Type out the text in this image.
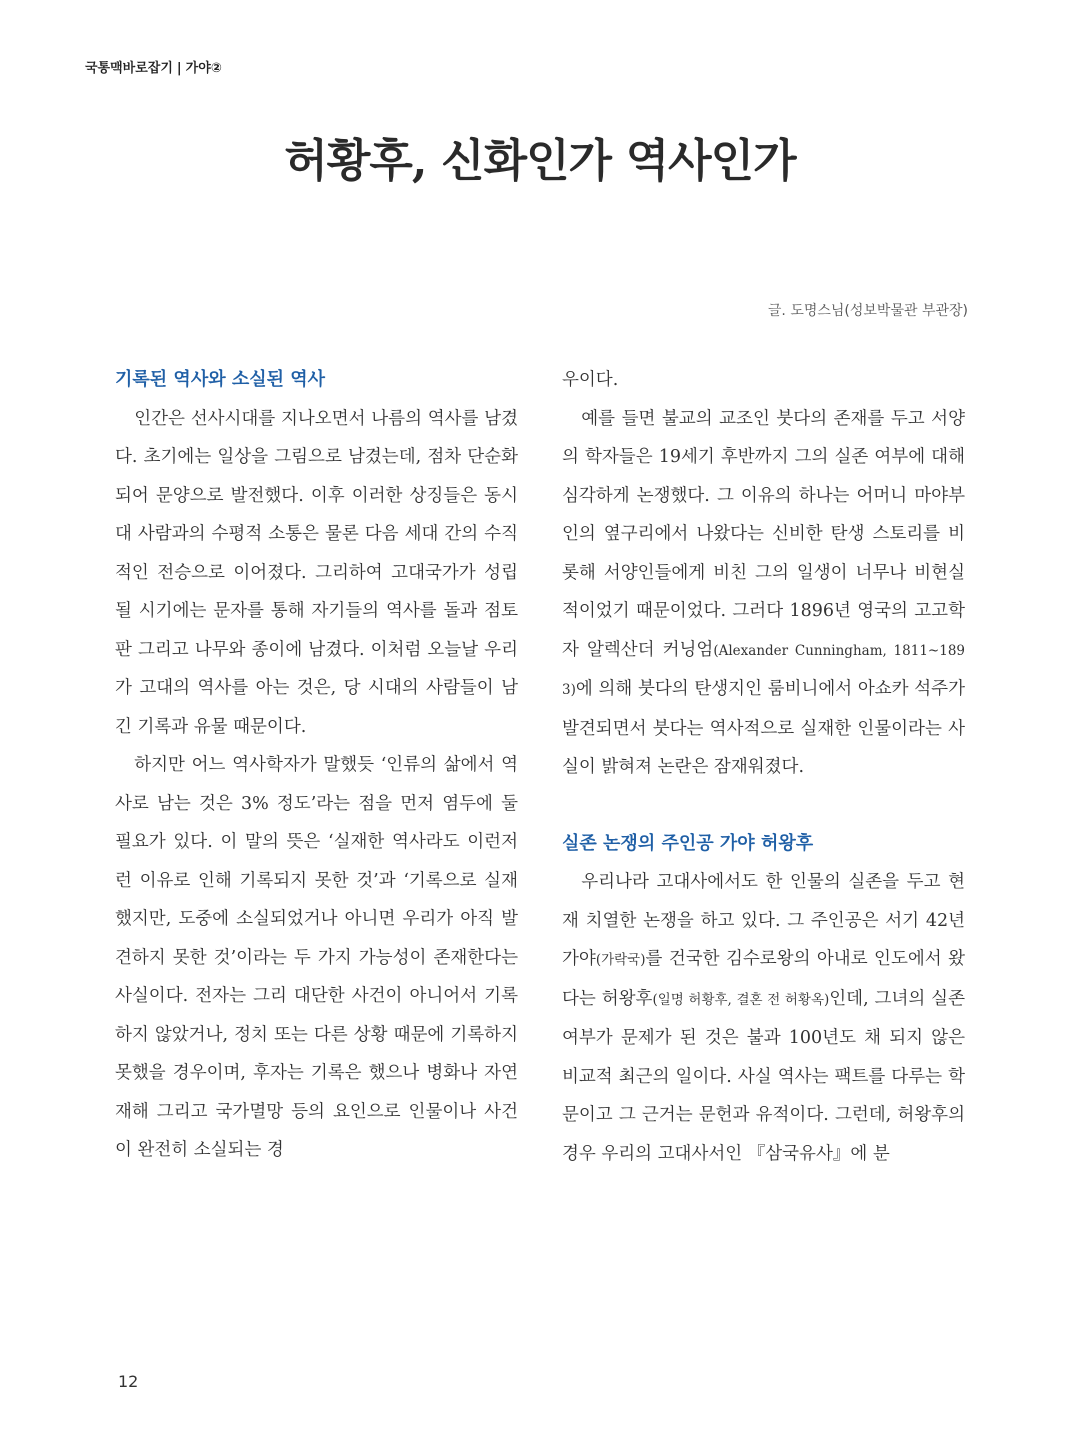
국통맥바로잡기 | 가야②
허황후, 신화인가 역사인가
글. 도명스님(성보박물관 부관장)
기록된 역사와 소실된 역사

인간은 선사시대를 지나오면서 나름의 역사를 남겼다. 초기에는 일상을 그림으로 남겼는데, 점차 단순화되어 문양으로 발전했다. 이후 이러한 상징들은 동시대 사람과의 수평적 소통은 물론 다음 세대 간의 수직적인 전승으로 이어졌다. 그리하여 고대국가가 성립될 시기에는 문자를 통해 자기들의 역사를 돌과 점토판 그리고 나무와 종이에 남겼다. 이처럼 오늘날 우리가 고대의 역사를 아는 것은, 당 시대의 사람들이 남긴 기록과 유물 때문이다.

하지만 어느 역사학자가 말했듯 ‘인류의 삶에서 역사로 남는 것은 3% 정도’라는 점을 먼저 염두에 둘 필요가 있다. 이 말의 뜻은 ‘실재한 역사라도 이런저런 이유로 인해 기록되지 못한 것’과 ‘기록으로 실재했지만, 도중에 소실되었거나 아니면 우리가 아직 발견하지 못한 것’이라는 두 가지 가능성이 존재한다는 사실이다. 전자는 그리 대단한 사건이 아니어서 기록하지 않았거나, 정치 또는 다른 상황 때문에 기록하지 못했을 경우이며, 후자는 기록은 했으나 병화나 자연재해 그리고 국가멸망 등의 요인으로 인물이나 사건이 완전히 소실되는 경

우이다.

예를 들면 불교의 교조인 붓다의 존재를 두고 서양의 학자들은 19세기 후반까지 그의 실존 여부에 대해 심각하게 논쟁했다. 그 이유의 하나는 어머니 마야부인의 옆구리에서 나왔다는 신비한 탄생 스토리를 비롯해 서양인들에게 비친 그의 일생이 너무나 비현실적이었기 때문이었다. 그러다 1896년 영국의 고고학자 알렉산더 커닝엄(Alexander Cunningham, 1811~1893)에 의해 붓다의 탄생지인 룸비니에서 아쇼카 석주가 발견되면서 붓다는 역사적으로 실재한 인물이라는 사실이 밝혀져 논란은 잠재워졌다.

실존 논쟁의 주인공 가야 허왕후

우리나라 고대사에서도 한 인물의 실존을 두고 현재 치열한 논쟁을 하고 있다. 그 주인공은 서기 42년 가야(가락국)를 건국한 김수로왕의 아내로 인도에서 왔다는 허왕후(일명 허황후, 결혼 전 허황옥)인데, 그녀의 실존 여부가 문제가 된 것은 불과 100년도 채 되지 않은 비교적 최근의 일이다. 사실 역사는 팩트를 다루는 학문이고 그 근거는 문헌과 유적이다. 그런데, 허왕후의 경우 우리의 고대사서인 『삼국유사』에 분

12
